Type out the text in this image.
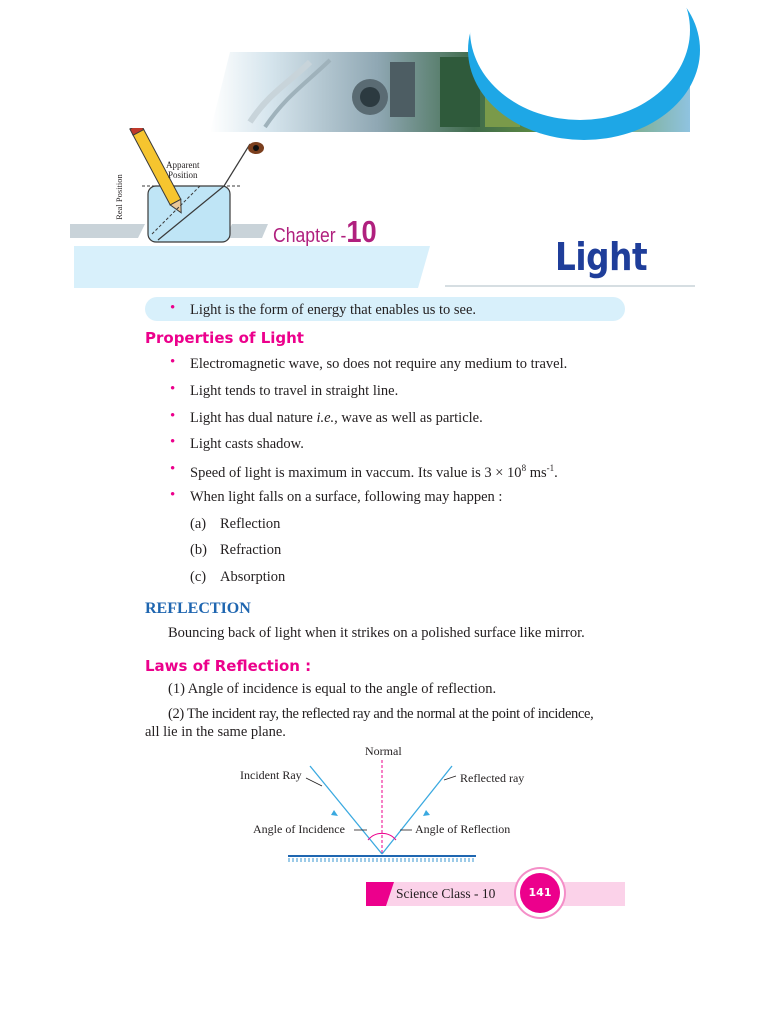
Apparent
Position
Real Position
Chapter -10
Light
• Light is the form of energy that enables us to see.
Properties of Light
• Electromagnetic wave, so does not require any medium to travel.
• Light tends to travel in straight line.
• Light has dual nature i.e., wave as well as particle.
• Light casts shadow.
• Speed of light is maximum in vaccum. Its value is $3 \times 10^8$ $ms^{-1}$.
• When light falls on a surface, following may happen :
(a) Reflection
(b) Refraction
(c) Absorption
REFLECTION
Bouncing back of light when it strikes on a polished surface like mirror.
Laws of Reflection :
(1) Angle of incidence is equal to the angle of reflection.
(2) The incident ray, the reflected ray and the normal at the point of incidence,
all lie in the same plane.
Normal
Incident Ray	Reflected ray
Angle of Incidence	Angle of Reflection
Science Class - 10	141
